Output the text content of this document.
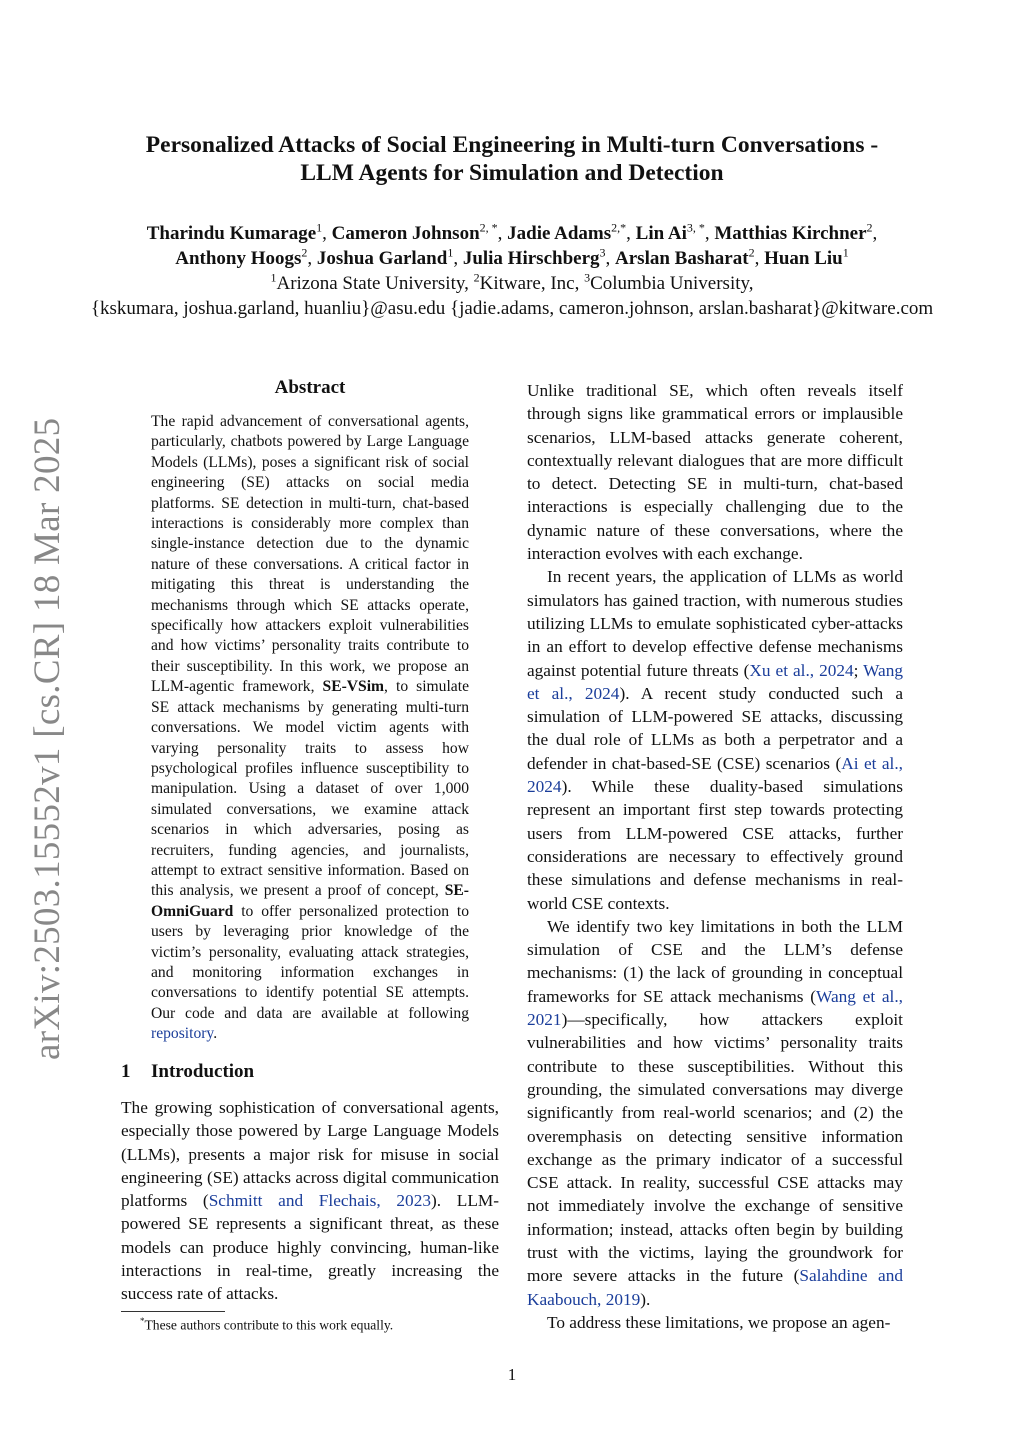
arXiv:2503.15552v1 [cs.CR] 18 Mar 2025
Personalized Attacks of Social Engineering in Multi-turn Conversations -
LLM Agents for Simulation and Detection
Tharindu Kumarage$^1$, Cameron Johnson$^{2, *}$, Jadie Adams$^{2,*}$, Lin $Ai^{3, *}$, Matthias Kirchner$^2$,
Anthony Hoogs$^2$, Joshua Garland$^1$, Julia Hirschberg$^3$, Arslan Basharat$^2$, Huan Liu$^1$
$^1$Arizona State University, $^2$Kitware, Inc, $^3$Columbia University,
{kskumara, joshua.garland, huanliu}@asu.edu {jadie.adams, cameron.johnson, arslan.basharat}@kitware.com
Abstract
The rapid advancement of conversational agents, particularly, chatbots powered by Large Language Models (LLMs), poses a significant risk of social engineering (SE) attacks on social media platforms. SE detection in multi-turn, chat-based interactions is considerably more complex than single-instance detection due to the dynamic nature of these conversations. A critical factor in mitigating this threat is understanding the mechanisms through which SE attacks operate, specifically how attackers exploit vulnerabilities and how victims’ personality traits contribute to their susceptibility. In this work, we propose an LLM-agentic framework, SE-VSim, to simulate SE attack mechanisms by generating multi-turn conversations. We model victim agents with varying personality traits to assess how psychological profiles influence susceptibility to manipulation. Using a dataset of over 1,000 simulated conversations, we examine attack scenarios in which adversaries, posing as recruiters, funding agencies, and journalists, attempt to extract sensitive information. Based on this analysis, we present a proof of concept, SE-OmniGuard to offer personalized protection to users by leveraging prior knowledge of the victim’s personality, evaluating attack strategies, and monitoring information exchanges in conversations to identify potential SE attempts. Our code and data are available at following repository.
1 Introduction
The growing sophistication of conversational agents, especially those powered by Large Language Models (LLMs), presents a major risk for misuse in social engineering (SE) attacks across digital communication platforms (Schmitt and Flechais, 2023). LLM-powered SE represents a significant threat, as these models can produce highly convincing, human-like interactions in real-time, greatly increasing the success rate of attacks.
*These authors contribute to this work equally.

Unlike traditional SE, which often reveals itself through signs like grammatical errors or implausible scenarios, LLM-based attacks generate coherent, contextually relevant dialogues that are more difficult to detect. Detecting SE in multi-turn, chat-based interactions is especially challenging due to the dynamic nature of these conversations, where the interaction evolves with each exchange.

In recent years, the application of LLMs as world simulators has gained traction, with numerous studies utilizing LLMs to emulate sophisticated cyber-attacks in an effort to develop effective defense mechanisms against potential future threats (Xu et al., 2024; Wang et al., 2024). A recent study conducted such a simulation of LLM-powered SE attacks, discussing the dual role of LLMs as both a perpetrator and a defender in chat-based-SE (CSE) scenarios (Ai et al., 2024). While these duality-based simulations represent an important first step towards protecting users from LLM-powered CSE attacks, further considerations are necessary to effectively ground these simulations and defense mechanisms in real-world CSE contexts.

We identify two key limitations in both the LLM simulation of CSE and the LLM’s defense mechanisms: (1) the lack of grounding in conceptual frameworks for SE attack mechanisms (Wang et al., 2021)—specifically, how attackers exploit vulnerabilities and how victims’ personality traits contribute to these susceptibilities. Without this grounding, the simulated conversations may diverge significantly from real-world scenarios; and (2) the overemphasis on detecting sensitive information exchange as the primary indicator of a successful CSE attack. In reality, successful CSE attacks may not immediately involve the exchange of sensitive information; instead, attacks often begin by building trust with the victims, laying the groundwork for more severe attacks in the future (Salahdine and Kaabouch, 2019).

To address these limitations, we propose an agen-

1
